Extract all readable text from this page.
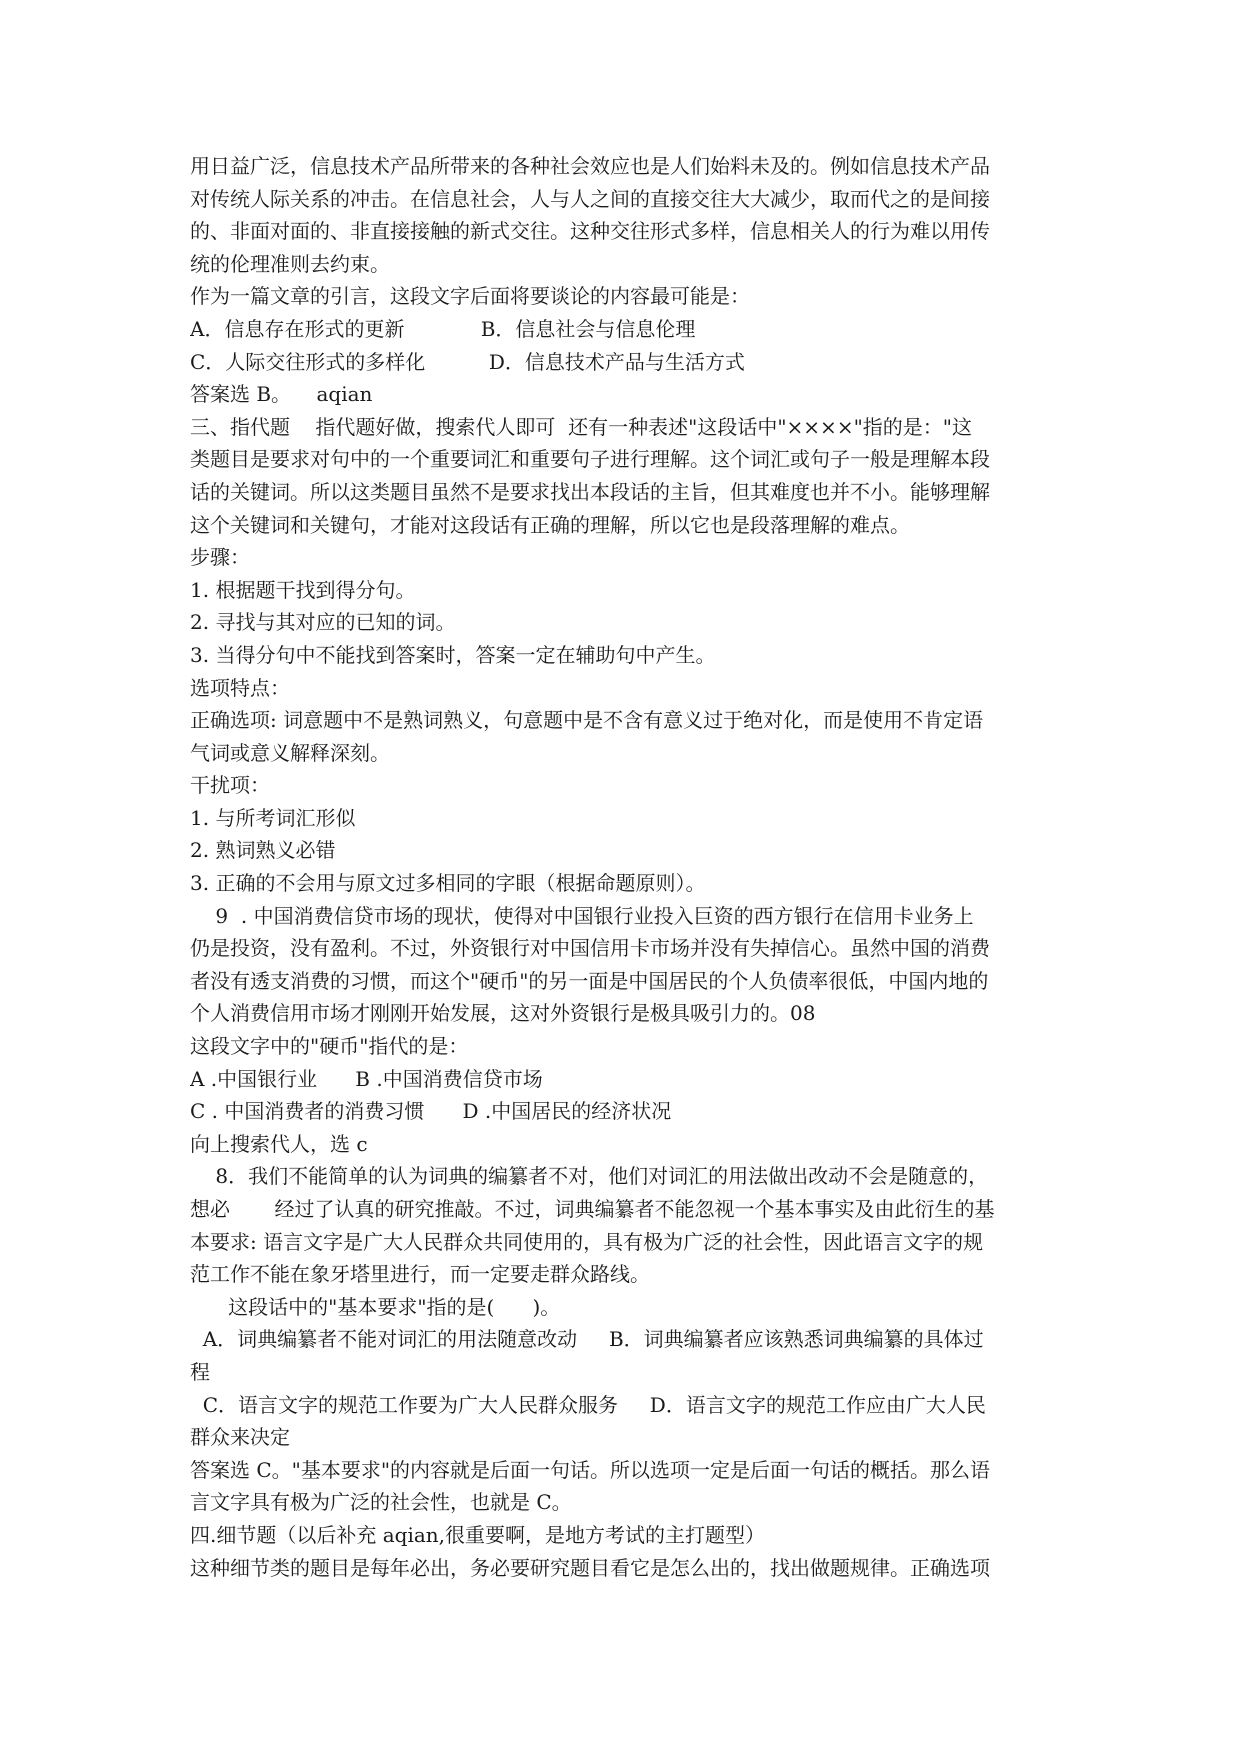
用日益广泛，信息技术产品所带来的各种社会效应也是人们始料未及的。例如信息技术产品
对传统人际关系的冲击。在信息社会，人与人之间的直接交往大大减少，取而代之的是间接
的、非面对面的、非直接接触的新式交往。这种交往形式多样，信息相关人的行为难以用传
统的伦理准则去约束。
作为一篇文章的引言，这段文字后面将要谈论的内容最可能是：
A．信息存在形式的更新            B．信息社会与信息伦理
C．人际交往形式的多样化          D．信息技术产品与生活方式
答案选 B。    aqian
三、指代题    指代题好做，搜索代人即可  还有一种表述"这段话中"××××"指的是："这
类题目是要求对句中的一个重要词汇和重要句子进行理解。这个词汇或句子一般是理解本段
话的关键词。所以这类题目虽然不是要求找出本段话的主旨，但其难度也并不小。能够理解
这个关键词和关键句，才能对这段话有正确的理解，所以它也是段落理解的难点。
步骤：
1. 根据题干找到得分句。
2. 寻找与其对应的已知的词。
3. 当得分句中不能找到答案时，答案一定在辅助句中产生。
选项特点：
正确选项: 词意题中不是熟词熟义，句意题中是不含有意义过于绝对化，而是使用不肯定语
气词或意义解释深刻。
干扰项：
1. 与所考词汇形似
2. 熟词熟义必错
3. 正确的不会用与原文过多相同的字眼（根据命题原则）。
9  . 中国消费信贷市场的现状，使得对中国银行业投入巨资的西方银行在信用卡业务上
仍是投资，没有盈利。不过，外资银行对中国信用卡市场并没有失掉信心。虽然中国的消费
者没有透支消费的习惯，而这个"硬币"的另一面是中国居民的个人负债率很低，中国内地的
个人消费信用市场才刚刚开始发展，这对外资银行是极具吸引力的。08
这段文字中的"硬币"指代的是：
A .中国银行业      B .中国消费信贷市场
C . 中国消费者的消费习惯      D .中国居民的经济状况
向上搜索代人，选 c
8．我们不能简单的认为词典的编纂者不对，他们对词汇的用法做出改动不会是随意的，
想必       经过了认真的研究推敲。不过，词典编纂者不能忽视一个基本事实及由此衍生的基
本要求: 语言文字是广大人民群众共同使用的，具有极为广泛的社会性，因此语言文字的规
范工作不能在象牙塔里进行，而一定要走群众路线。
这段话中的"基本要求"指的是(      )。
A．词典编纂者不能对词汇的用法随意改动     B．词典编纂者应该熟悉词典编纂的具体过
程
C．语言文字的规范工作要为广大人民群众服务     D．语言文字的规范工作应由广大人民
群众来决定
答案选 C。"基本要求"的内容就是后面一句话。所以选项一定是后面一句话的概括。那么语
言文字具有极为广泛的社会性，也就是 C。
四.细节题（以后补充 aqian,很重要啊，是地方考试的主打题型）
这种细节类的题目是每年必出，务必要研究题目看它是怎么出的，找出做题规律。正确选项
